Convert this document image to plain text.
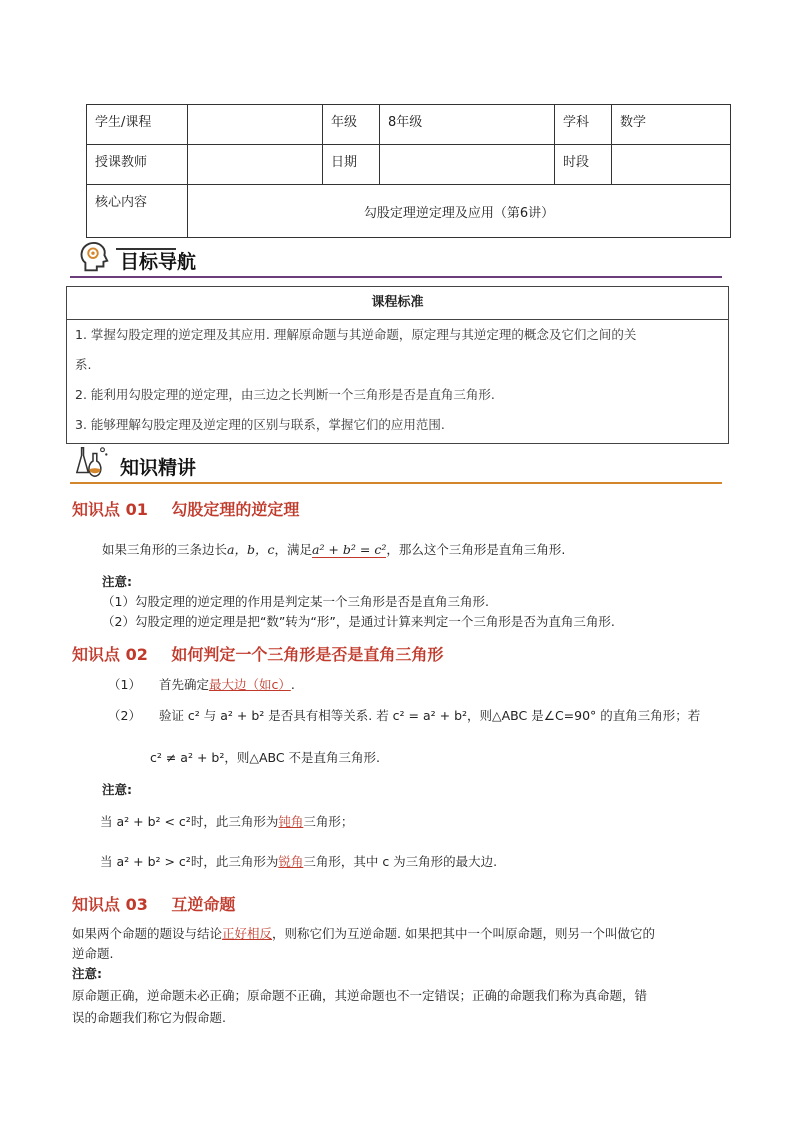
学生/课程		年级	8年级	学科	数学
授课教师		日期		时段	
核心内容	勾股定理逆定理及应用（第6讲）				
目标导航
课程标准

1. 掌握勾股定理的逆定理及其应用. 理解原命题与其逆命题，原定理与其逆定理的概念及它们之间的关

系.

2. 能利用勾股定理的逆定理，由三边之长判断一个三角形是否是直角三角形.

3. 能够理解勾股定理及逆定理的区别与联系，掌握它们的应用范围.

知识精讲
知识点 01 勾股定理的逆定理
如果三角形的三条边长a，b，c，满足a² + b² = c²，那么这个三角形是直角三角形.
注意:
（1）勾股定理的逆定理的作用是判定某一个三角形是否是直角三角形.
（2）勾股定理的逆定理是把“数”转为“形”，是通过计算来判定一个三角形是否为直角三角形.
知识点 02 如何判定一个三角形是否是直角三角形
（1） 首先确定最大边（如c）.
（2） 验证 c² 与 a² + b² 是否具有相等关系. 若 c² = a² + b²，则△ABC 是∠C=90° 的直角三角形；若
c² ≠ a² + b²，则△ABC 不是直角三角形.
注意:
当 a² + b² < c²时，此三角形为钝角三角形；
当 a² + b² > c²时，此三角形为锐角三角形，其中 c 为三角形的最大边.
知识点 03 互逆命题
如果两个命题的题设与结论正好相反，则称它们为互逆命题. 如果把其中一个叫原命题，则另一个叫做它的
逆命题.
注意:
原命题正确，逆命题未必正确；原命题不正确，其逆命题也不一定错误；正确的命题我们称为真命题，错
误的命题我们称它为假命题.
